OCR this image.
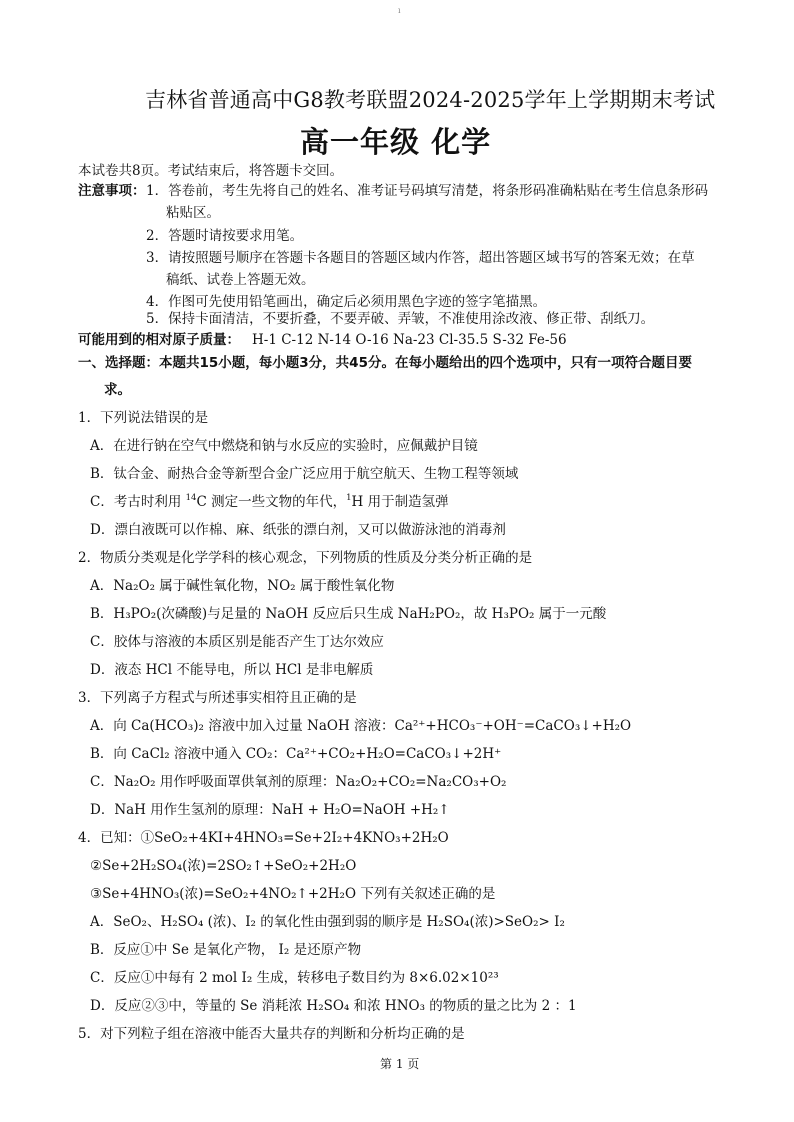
ı
吉林省普通高中G8教考联盟2024-2025学年上学期期末考试
高一年级 化学
本试卷共8页。考试结束后，将答题卡交回。
注意事项： 1．答卷前，考生先将自己的姓名、准考证号码填写清楚，将条形码准确粘贴在考生信息条形码
粘贴区。
2．答题时请按要求用笔。
3．请按照题号顺序在答题卡各题目的答题区域内作答，超出答题区域书写的答案无效；在草
稿纸、试卷上答题无效。
4．作图可先使用铅笔画出，确定后必须用黑色字迹的签字笔描黑。
5．保持卡面清洁，不要折叠，不要弄破、弄皱，不准使用涂改液、修正带、刮纸刀。
可能用到的相对原子质量： H-1 C-12 N-14 O-16 Na-23 Cl-35.5 S-32 Fe-56
一、选择题：本题共15小题，每小题3分，共45分。在每小题给出的四个选项中，只有一项符合题目要
求。
1．下列说法错误的是
A．在进行钠在空气中燃烧和钠与水反应的实验时，应佩戴护目镜
B．钛合金、耐热合金等新型合金广泛应用于航空航天、生物工程等领域
C．考古时利用 $^{14}$C 测定一些文物的年代，$^1$H 用于制造氢弹
D．漂白液既可以作棉、麻、纸张的漂白剂，又可以做游泳池的消毒剂
2．物质分类观是化学学科的核心观念，下列物质的性质及分类分析正确的是
A．Na₂O₂ 属于碱性氧化物，NO₂ 属于酸性氧化物
B．H₃PO₂(次磷酸)与足量的 NaOH 反应后只生成 NaH₂PO₂，故 H₃PO₂ 属于一元酸
C．胶体与溶液的本质区别是能否产生丁达尔效应
D．液态 HCl 不能导电，所以 HCl 是非电解质
3．下列离子方程式与所述事实相符且正确的是
A．向 Ca(HCO₃)₂ 溶液中加入过量 NaOH 溶液：Ca²⁺+HCO₃⁻+OH⁻=CaCO₃↓+H₂O
B．向 CaCl₂ 溶液中通入 CO₂：Ca²⁺+CO₂+H₂O=CaCO₃↓+2H⁺
C．Na₂O₂ 用作呼吸面罩供氧剂的原理：Na₂O₂+CO₂=Na₂CO₃+O₂
D．NaH 用作生氢剂的原理：NaH + H₂O=NaOH +H₂↑
4．已知：①SeO₂+4KI+4HNO₃=Se+2I₂+4KNO₃+2H₂O
②Se+2H₂SO₄(浓)=2SO₂↑+SeO₂+2H₂O
③Se+4HNO₃(浓)=SeO₂+4NO₂↑+2H₂O 下列有关叙述正确的是
A．SeO₂、H₂SO₄ (浓)、I₂ 的氧化性由强到弱的顺序是 H₂SO₄(浓)>SeO₂> I₂
B．反应①中 Se 是氧化产物， I₂ 是还原产物
C．反应①中每有 2 mol I₂ 生成，转移电子数目约为 8×6.02×10²³
D．反应②③中，等量的 Se 消耗浓 H₂SO₄ 和浓 HNO₃ 的物质的量之比为 2 ：1
5．对下列粒子组在溶液中能否大量共存的判断和分析均正确的是
第 1 页
